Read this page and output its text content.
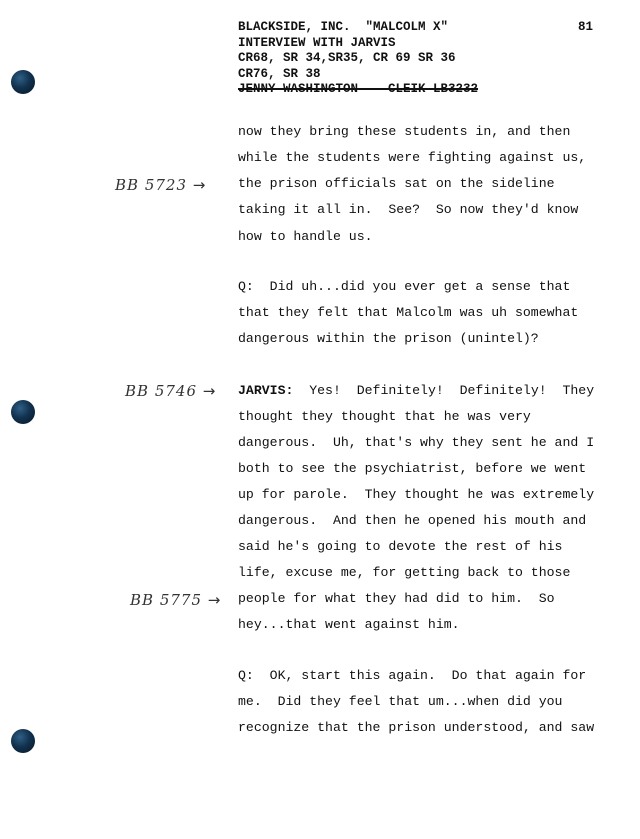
BLACKSIDE, INC.  "MALCOLM X"
INTERVIEW WITH JARVIS
CR68, SR 34,SR35, CR 69 SR 36
CR76, SR 38
JENNY WASHINGTON    CLEIK LB3232
81
BB 5723 →
BB 5746 →
BB 5775 →
now they bring these students in, and then
while the students were fighting against us,
the prison officials sat on the sideline
taking it all in.  See?  So now they'd know
how to handle us.
Q:  Did uh...did you ever get a sense that
that they felt that Malcolm was uh somewhat
dangerous within the prison (unintel)?
JARVIS:  Yes!  Definitely!  Definitely!  They
thought they thought that he was very
dangerous.  Uh, that's why they sent he and I
both to see the psychiatrist, before we went
up for parole.  They thought he was extremely
dangerous.  And then he opened his mouth and
said he's going to devote the rest of his
life, excuse me, for getting back to those
people for what they had did to him.  So
hey...that went against him.
Q:  OK, start this again.  Do that again for
me.  Did they feel that um...when did you
recognize that the prison understood, and saw
